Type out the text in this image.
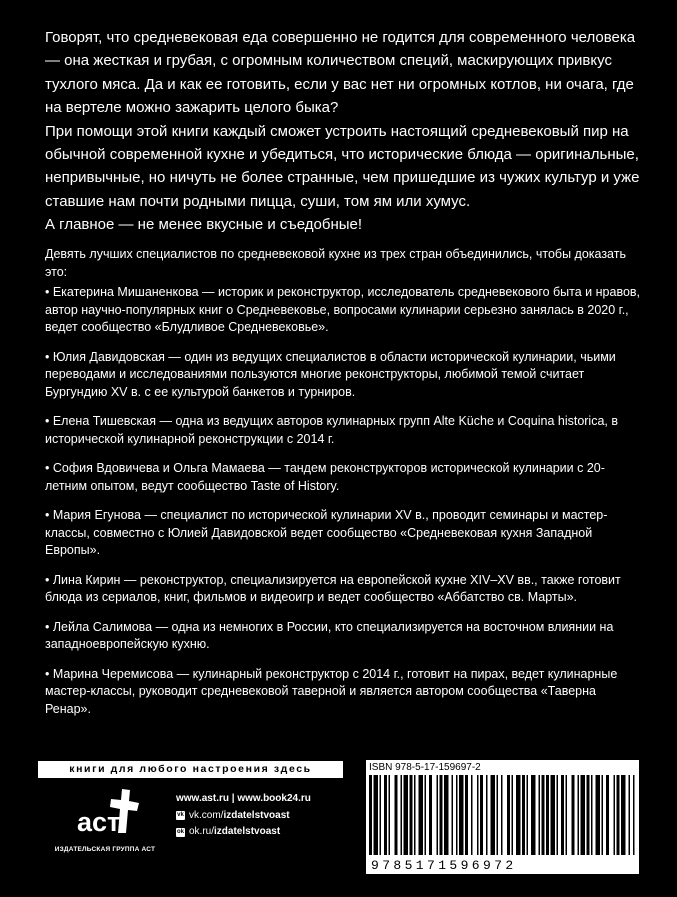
Говорят, что средневековая еда совершенно не годится для современного человека — она жесткая и грубая, с огромным количеством специй, маскирующих привкус тухлого мяса. Да и как ее готовить, если у вас нет ни огромных котлов, ни очага, где на вертеле можно зажарить целого быка?

При помощи этой книги каждый сможет устроить настоящий средневековый пир на обычной современной кухне и убедиться, что исторические блюда — оригинальные, непривычные, но ничуть не более странные, чем пришедшие из чужих культур и уже ставшие нам почти родными пицца, суши, том ям или хумус.

А главное — не менее вкусные и съедобные!

Девять лучших специалистов по средневековой кухне из трех стран объединились, чтобы доказать это:

• Екатерина Мишаненкова — историк и реконструктор, исследователь средневекового быта и нравов, автор научно-популярных книг о Средневековье, вопросами кулинарии серьезно занялась в 2020 г., ведет сообщество «Блудливое Средневековье».

• Юлия Давидовская — один из ведущих специалистов в области исторической кулинарии, чьими переводами и исследованиями пользуются многие реконструкторы, любимой темой считает Бургундию XV в. с ее культурой банкетов и турниров.

• Елена Тишевская — одна из ведущих авторов кулинарных групп Alte Küche и Coquina historica, в исторической кулинарной реконструкции с 2014 г.

• София Вдовичева и Ольга Мамаева — тандем реконструкторов исторической кулинарии с 20-летним опытом, ведут сообщество Taste of History.

• Мария Егунова — специалист по исторической кулинарии XV в., проводит семинары и мастер-классы, совместно с Юлией Давидовской ведет сообщество «Средневековая кухня Западной Европы».

• Лина Кирин — реконструктор, специализируется на европейской кухне XIV–XV вв., также готовит блюда из сериалов, книг, фильмов и видеоигр и ведет сообщество «Аббатство св. Марты».

• Лейла Салимова — одна из немногих в России, кто специализируется на восточном влиянии на западноевропейскую кухню.

• Марина Черемисова — кулинарный реконструктор с 2014 г., готовит на пирах, ведет кулинарные мастер-классы, руководит средневековой таверной и является автором сообщества «Таверна Ренар».

книги для любого настроения здесь
аст
ИЗДАТЕЛЬСКАЯ ГРУППА АСТ
www.ast.ru | www.book24.ru
vk vk.com/ izdatelstvoast
ok ok.ru/ izdatelstvoast
ISBN 978-5-17-159697-2
9785171596972
